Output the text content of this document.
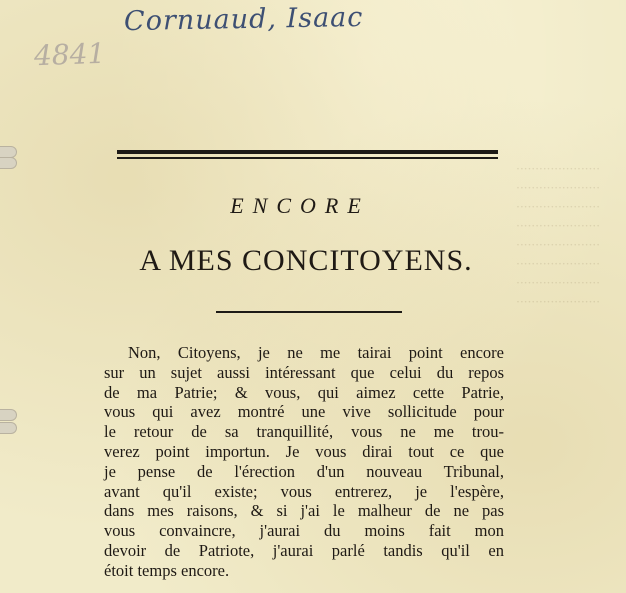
······················
······················
······················
······················
······················
······················
······················
······················
Cornuaud, Isaac
4841
ENCORE
A MES CONCITOYENS.
Non, Citoyens, je ne me tairai point encore
sur un sujet aussi intéressant que celui du repos
de ma Patrie; & vous, qui aimez cette Patrie,
vous qui avez montré une vive sollicitude pour
le retour de sa tranquillité, vous ne me trou-
verez point importun. Je vous dirai tout ce que
je pense de l'érection d'un nouveau Tribunal,
avant qu'il existe; vous entrerez, je l'espère,
dans mes raisons, & si j'ai le malheur de ne pas
vous convaincre, j'aurai du moins fait mon
devoir de Patriote, j'aurai parlé tandis qu'il en
étoit temps encore.
